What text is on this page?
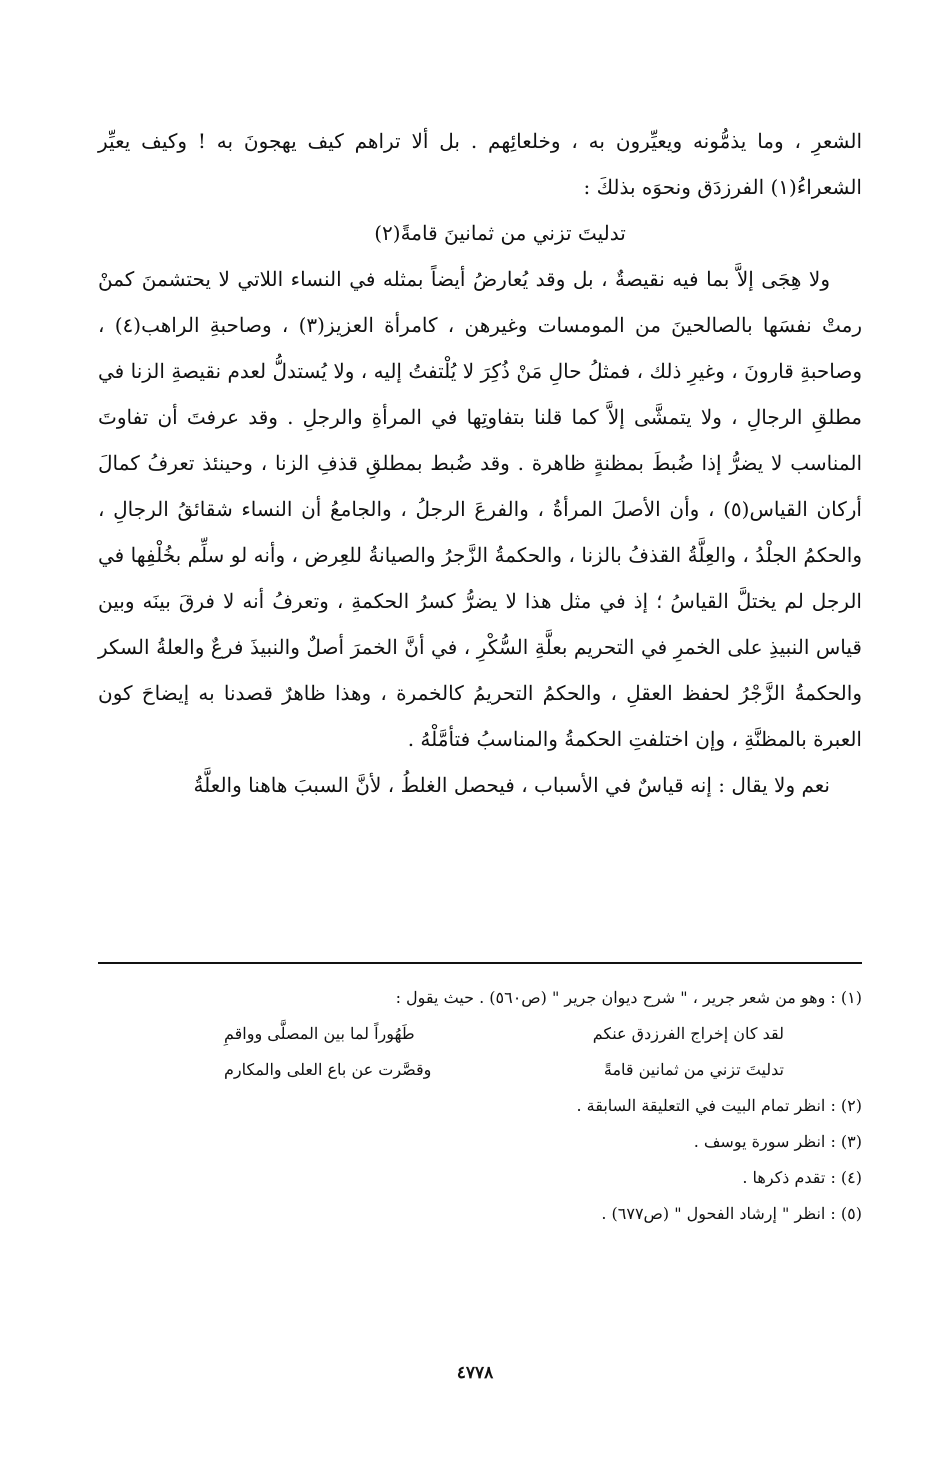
الشعرِ ، وما يذمُّونه ويعيِّرون به ، وخلعائِهم . بل ألا تراهم كيف يهجونَ به ! وكيف يعيِّر الشعراءُ(١) الفرزدَق ونحوَه بذلكَ :

تدليتَ تزني من ثمانينَ قامةً(٢)

ولا هِجَى إلاَّ بما فيه نقيصةٌ ، بل وقد يُعارضُ أيضاً بمثله في النساء اللاتي لا يحتشمنَ كمنْ رمتْ نفسَها بالصالحينَ من المومسات وغيرهن ، كامرأة العزيز(٣) ، وصاحبةِ الراهب(٤) ، وصاحبةِ قارونَ ، وغيرِ ذلك ، فمثلُ حالِ مَنْ ذُكِرَ لا يُلْتفتُ إليه ، ولا يُستدلُّ لعدم نقيصةِ الزنا في مطلقِ الرجالِ ، ولا يتمشَّى إلاَّ كما قلنا بتفاوتِها في المرأةِ والرجلِ . وقد عرفتَ أن تفاوتَ المناسب لا يضرُّ إذا ضُبطَ بمظنةٍ ظاهرة . وقد ضُبط بمطلقِ قذفِ الزنا ، وحينئذ تعرفُ كمالَ أركان القياس(٥) ، وأن الأصلَ المرأةُ ، والفرعَ الرجلُ ، والجامعُ أن النساء شقائقُ الرجالِ ، والحكمُ الجلْدُ ، والعِلَّةُ القذفُ بالزنا ، والحكمةُ الزَّجرُ والصيانةُ للعِرض ، وأنه لو سلِّم بخُلْفِها في الرجل لم يختلَّ القياسُ ؛ إذ في مثل هذا لا يضرُّ كسرُ الحكمةِ ، وتعرفُ أنه لا فرقَ بينَه وبين قياس النبيذِ على الخمرِ في التحريم بعلَّةِ السُّكْرِ ، في أنَّ الخمرَ أصلٌ والنبيذَ فرعٌ والعلةُ السكر والحكمةُ الزَّجْرُ لحفظ العقلِ ، والحكمُ التحريمُ كالخمرة ، وهذا ظاهرٌ قصدنا به إيضاحَ كون العبرة بالمظنَّةِ ، وإن اختلفتِ الحكمةُ والمناسبُ فتأمَّلْهُ .

نعم ولا يقال : إنه قياسٌ في الأسباب ، فيحصل الغلطُ ، لأنَّ السببَ هاهنا والعلَّةُ

(١) : وهو من شعر جرير ، " شرح ديوان جرير " (ص٥٦٠) . حيث يقول :

لقد كان إخراج الفرزدق عنكم
طَهُوراً لما بين المصلَّى وواقمِ
تدليتَ تزني من ثمانين قامةً
وقصَّرت عن باع العلى والمكارم

(٢) : انظر تمام البيت في التعليقة السابقة .

(٣) : انظر سورة يوسف .

(٤) : تقدم ذكرها .

(٥) : انظر " إرشاد الفحول " (ص٦٧٧) .

٤٧٧٨
